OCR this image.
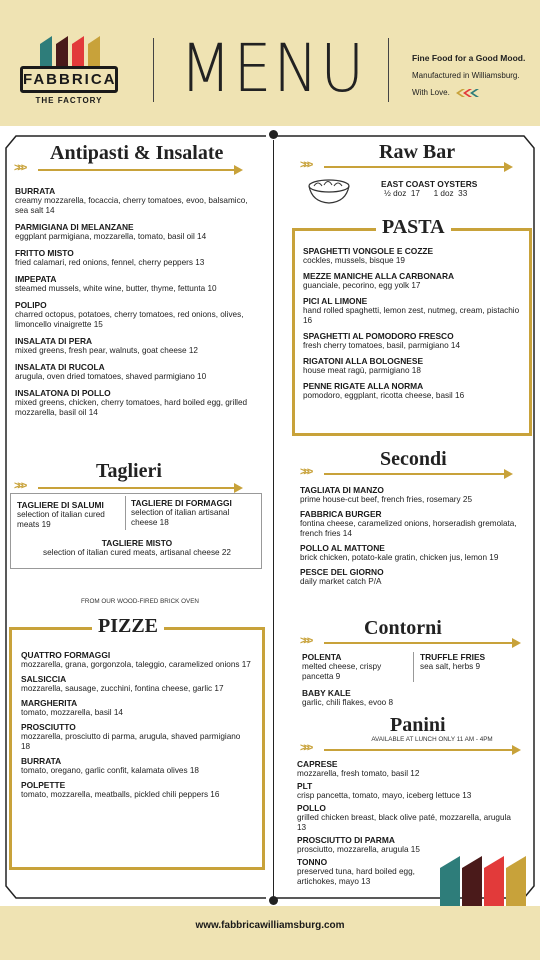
FABBRICA
THE FACTORY MENU	Fine Food for a Good Mood.
Manufactured in Williamsburg.
With Love.
>>>
Antipasti & Insalate
BURRATA
creamy mozzarella, focaccia, cherry tomatoes, evoo, balsamico, sea salt 14
PARMIGIANA DI MELANZANE
eggplant parmigiana, mozzarella, tomato, basil oil 14
FRITTO MISTO
fried calamari, red onions, fennel, cherry peppers 13
IMPEPATA
steamed mussels, white wine, butter, thyme, fettunta 10
POLIPO
charred octopus, potatoes, cherry tomatoes, red onions, olives, limoncello vinaigrette 15
INSALATA DI PERA
mixed greens, fresh pear, walnuts, goat cheese 12
INSALATA DI RUCOLA
arugula, oven dried tomatoes, shaved parmigiano 10
INSALATONA DI POLLO
mixed greens, chicken, cherry tomatoes, hard boiled egg, grilled mozzarella, basil oil 14
>>>
Taglieri
TAGLIERE DI SALUMI
selection of italian cured meats 19
TAGLIERE DI FORMAGGI
selection of italian artisanal cheese 18
TAGLIERE MISTO
selection of italian cured meats, artisanal cheese 22
FROM OUR WOOD-FIRED BRICK OVEN
PIZZE
QUATTRO FORMAGGI
mozzarella, grana, gorgonzola, taleggio, caramelized onions 17
SALSICCIA
mozzarella, sausage, zucchini, fontina cheese, garlic 17
MARGHERITA
tomato, mozzarella, basil 14
PROSCIUTTO
mozzarella, prosciutto di parma, arugula, shaved parmigiano 18
BURRATA
tomato, oregano, garlic confit, kalamata olives 18
POLPETTE
tomato, mozzarella, meatballs, pickled chili peppers 16
Raw Bar
>>>
EAST COAST OYSTERS
½ doz  17      1 doz  33
PASTA
SPAGHETTI VONGOLE E COZZE
cockles, mussels, bisque 19
MEZZE MANICHE ALLA CARBONARA
guanciale, pecorino, egg yolk 17
PICI AL LIMONE
hand rolled spaghetti, lemon zest, nutmeg, cream, pistachio 16
SPAGHETTI AL POMODORO FRESCO
fresh cherry tomatoes, basil, parmigiano 14
RIGATONI ALLA BOLOGNESE
house meat ragù, parmigiano 18
PENNE RIGATE ALLA NORMA
pomodoro, eggplant, ricotta cheese, basil 16
Secondi
>>>
TAGLIATA DI MANZO
prime house-cut beef, french fries, rosemary 25
FABBRICA BURGER
fontina cheese, caramelized onions, horseradish gremolata, french fries 14
POLLO AL MATTONE
brick chicken, potato-kale gratin, chicken jus, lemon 19
PESCE DEL GIORNO
daily market catch P/A
>>>
Contorni
POLENTA
melted cheese, crispy pancetta 9
TRUFFLE FRIES
sea salt, herbs 9
BABY KALE
garlic, chili flakes, evoo 8
Panini
AVAILABLE AT LUNCH ONLY 11 AM - 4PM
>>>
CAPRESE
mozzarella, fresh tomato, basil 12
PLT
crisp pancetta, tomato, mayo, iceberg lettuce 13
POLLO
grilled chicken breast, black olive paté, mozzarella, arugula 13
PROSCIUTTO DI PARMA
prosciutto, mozzarella, arugula 15
TONNO
preserved tuna, hard boiled egg, artichokes, mayo 13
www.fabbricawilliamsburg.com
